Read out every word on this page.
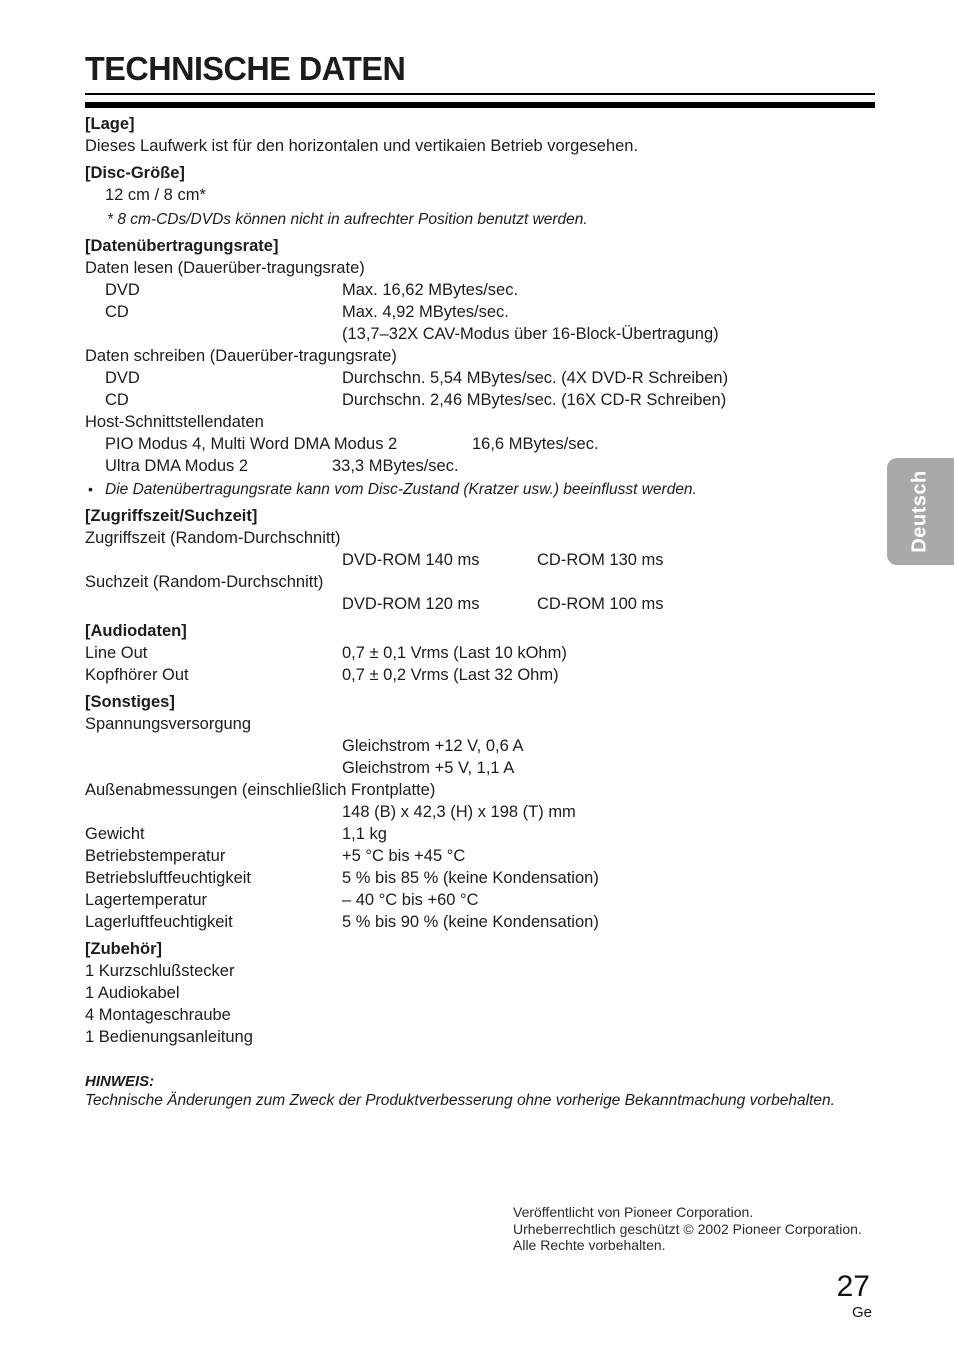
TECHNISCHE DATEN
[Lage]
Dieses Laufwerk ist für den horizontalen und vertikaien Betrieb vorgesehen.
[Disc-Größe]
12 cm / 8 cm*
* 8 cm-CDs/DVDs können nicht in aufrechter Position benutzt werden.
[Datenübertragungsrate]
Daten lesen (Dauerüber-tragungsrate)
DVD	Max. 16,62 MBytes/sec.
CD	Max. 4,92 MBytes/sec.
(13,7–32X CAV-Modus über 16-Block-Übertragung)
Daten schreiben (Dauerüber-tragungsrate)
DVD	Durchschn. 5,54 MBytes/sec. (4X DVD-R Schreiben)
CD	Durchschn. 2,46 MBytes/sec. (16X CD-R Schreiben)
Host-Schnittstellendaten
PIO Modus 4, Multi Word DMA Modus 2	16,6 MBytes/sec.
Ultra DMA Modus 2	33,3 MBytes/sec.
• Die Datenübertragungsrate kann vom Disc-Zustand (Kratzer usw.) beeinflusst werden.
[Zugriffszeit/Suchzeit]
Zugriffszeit (Random-Durchschnitt)
DVD-ROM 140 ms	CD-ROM 130 ms
Suchzeit (Random-Durchschnitt)
DVD-ROM 120 ms	CD-ROM 100 ms
[Audiodaten]
Line Out	0,7 ± 0,1 Vrms (Last 10 kOhm)
Kopfhörer Out	0,7 ± 0,2 Vrms (Last 32 Ohm)
[Sonstiges]
Spannungsversorgung
Gleichstrom +12 V, 0,6 A
Gleichstrom +5 V, 1,1 A
Außenabmessungen (einschließlich Frontplatte)
148 (B) x 42,3 (H) x 198 (T) mm
Gewicht	1,1 kg
Betriebstemperatur	+5 °C bis +45 °C
Betriebsluftfeuchtigkeit	5 % bis 85 % (keine Kondensation)
Lagertemperatur	– 40 °C bis +60 °C
Lagerluftfeuchtigkeit	5 % bis 90 % (keine Kondensation)
[Zubehör]
1 Kurzschlußstecker
1 Audiokabel
4 Montageschraube
1 Bedienungsanleitung
HINWEIS:
Technische Änderungen zum Zweck der Produktverbesserung ohne vorherige Bekanntmachung vorbehalten.
Veröffentlicht von Pioneer Corporation.
Urheberrechtlich geschützt © 2002 Pioneer Corporation.
Alle Rechte vorbehalten.
27
Ge
Deutsch
